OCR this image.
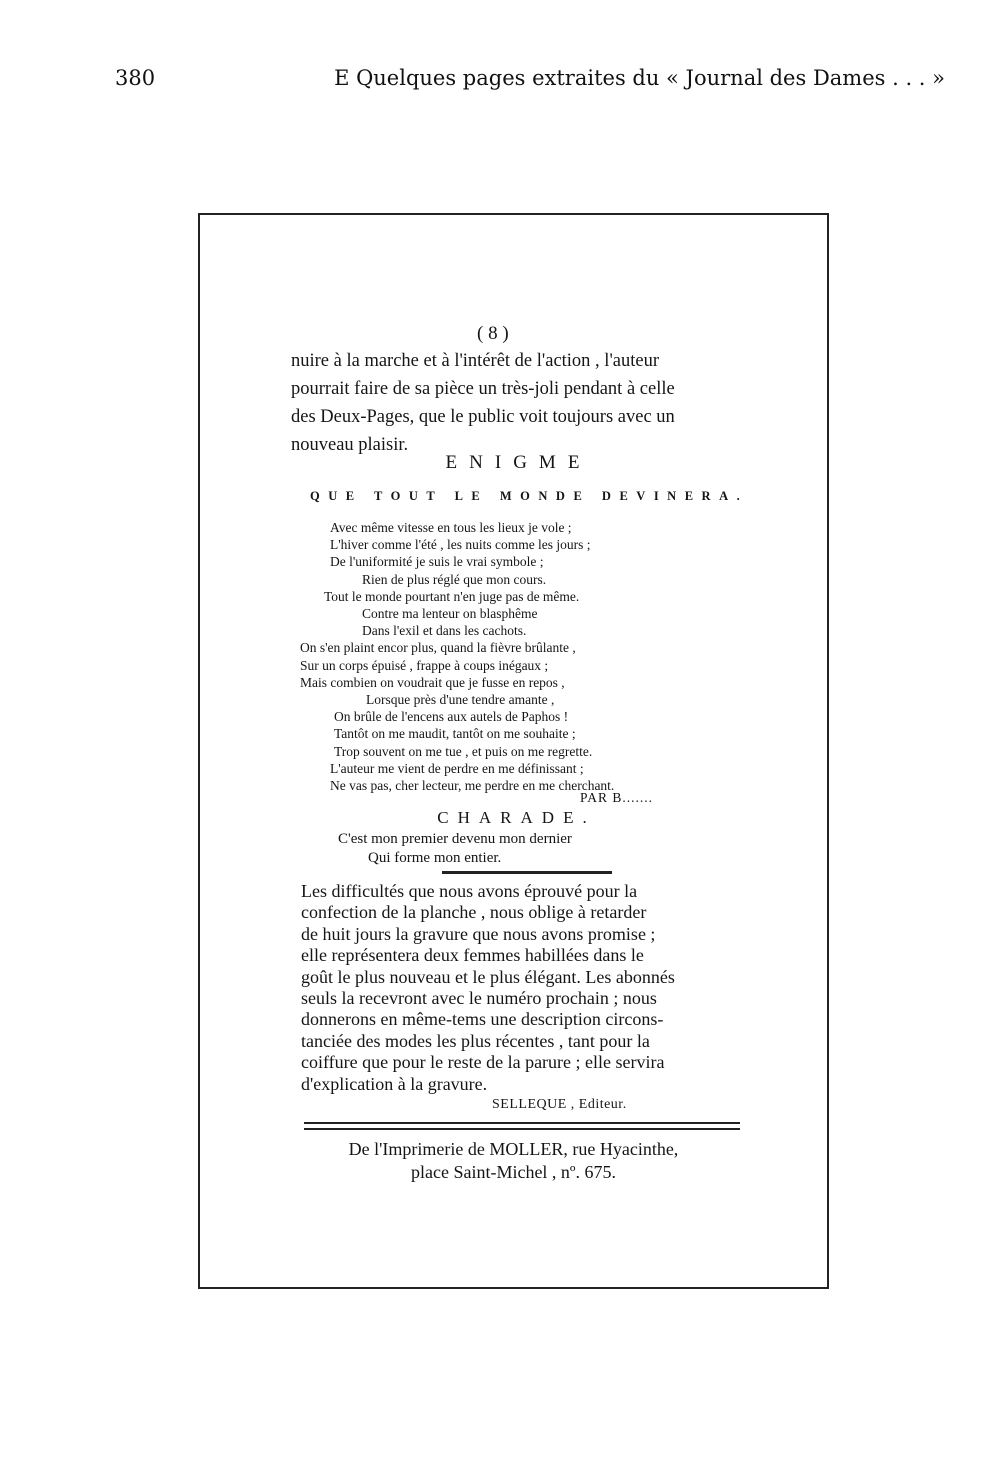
380	E Quelques pages extraites du « Journal des Dames . . . »
( 8 )
nuire à la marche et à l'intérêt de l'action , l'auteur
pourrait faire de sa pièce un très-joli pendant à celle
des Deux-Pages, que le public voit toujours avec un
nouveau plaisir.
ENIGME
QUE TOUT LE MONDE DEVINERA.
Avec même vitesse en tous les lieux je vole ;
L'hiver comme l'été , les nuits comme les jours ;
De l'uniformité je suis le vrai symbole ;
Rien de plus réglé que mon cours.
Tout le monde pourtant n'en juge pas de même.
Contre ma lenteur on blasphême
Dans l'exil et dans les cachots.
On s'en plaint encor plus, quand la fièvre brûlante ,
Sur un corps épuisé , frappe à coups inégaux ;
Mais combien on voudrait que je fusse en repos ,
Lorsque près d'une tendre amante ,
On brûle de l'encens aux autels de Paphos !
Tantôt on me maudit, tantôt on me souhaite ;
Trop souvent on me tue , et puis on me regrette.
L'auteur me vient de perdre en me définissant ;
Ne vas pas, cher lecteur, me perdre en me cherchant.
PAR B.......
CHARADE.
C'est mon premier devenu mon dernier
Qui forme mon entier.
Les difficultés que nous avons éprouvé pour la
confection de la planche , nous oblige à retarder
de huit jours la gravure que nous avons promise ;
elle représentera deux femmes habillées dans le
goût le plus nouveau et le plus élégant. Les abonnés
seuls la recevront avec le numéro prochain ; nous
donnerons en même-tems une description circons-
tanciée des modes les plus récentes , tant pour la
coiffure que pour le reste de la parure ; elle servira
d'explication à la gravure.
SELLEQUE , Editeur.
De l'Imprimerie de MOLLER, rue Hyacinthe,
place Saint-Michel , nº. 675.
